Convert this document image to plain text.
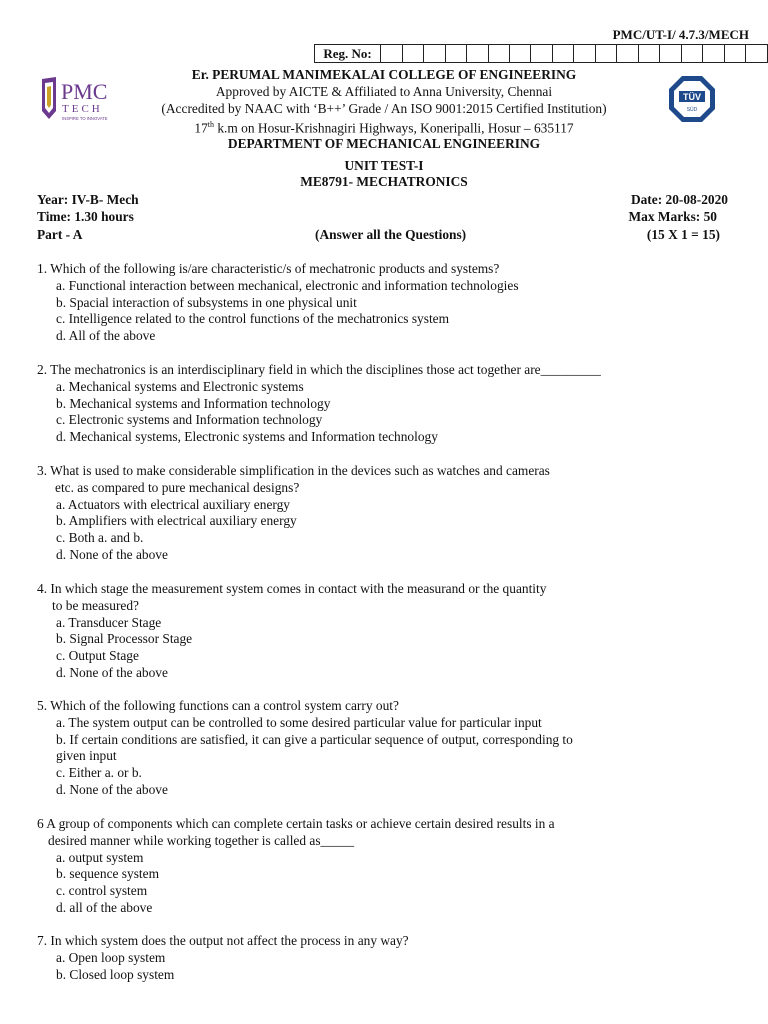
PMC/UT-I/ 4.7.3/MECH
Reg. No:																		
PMC
TECH
INSPIRE TO INNOVATE
TÜV
SÜD
Er. PERUMAL MANIMEKALAI COLLEGE OF ENGINEERING
Approved by AICTE & Affiliated to Anna University, Chennai
(Accredited by NAAC with ‘B++’ Grade / An ISO 9001:2015 Certified Institution)
17th k.m on Hosur-Krishnagiri Highways, Koneripalli, Hosur – 635117
DEPARTMENT OF MECHANICAL ENGINEERING
UNIT TEST-I
ME8791- MECHATRONICS
Year: IV-B- Mech	Date: 20-08-2020
Time: 1.30 hours	Max Marks: 50
Part - A	(Answer all the Questions)	(15 X 1 = 15)

1. Which of the following is/are characteristic/s of mechatronic products and systems?

a. Functional interaction between mechanical, electronic and information technologies

b. Spacial interaction of subsystems in one physical unit

c. Intelligence related to the control functions of the mechatronics system

d. All of the above

2. The mechatronics is an interdisciplinary field in which the disciplines those act together are_________

a. Mechanical systems and Electronic systems

b. Mechanical systems and Information technology

c. Electronic systems and Information technology

d. Mechanical systems, Electronic systems and Information technology

3. What is used to make considerable simplification in the devices such as watches and cameras

etc. as compared to pure mechanical designs?

a. Actuators with electrical auxiliary energy

b. Amplifiers with electrical auxiliary energy

c. Both a. and b.

d. None of the above

4. In which stage the measurement system comes in contact with the measurand or the quantity

to be measured?

a. Transducer Stage

b. Signal Processor Stage

c. Output Stage

d. None of the above

5. Which of the following functions can a control system carry out?

a. The system output can be controlled to some desired particular value for particular input

b. If certain conditions are satisfied, it can give a particular sequence of output, corresponding to

given input

c. Either a. or b.

d. None of the above

6 A group of components which can complete certain tasks or achieve certain desired results in a

desired manner while working together is called as_____

a. output system

b. sequence system

c. control system

d. all of the above

7. In which system does the output not affect the process in any way?

a. Open loop system

b. Closed loop system
